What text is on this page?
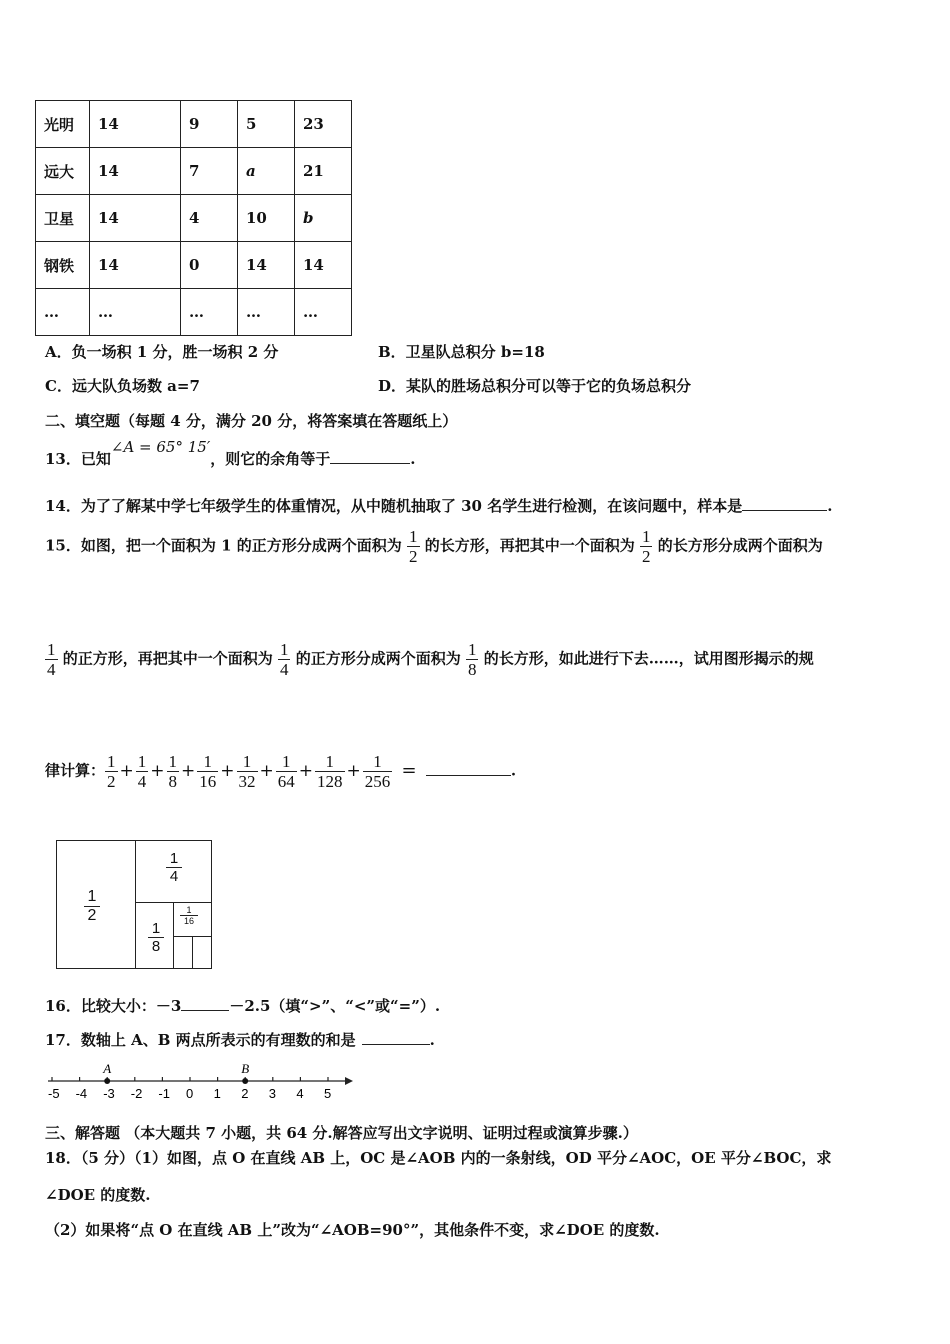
光明	14	9	5	23
远大	14	7	a	21
卫星	14	4	10	b
钢铁	14	0	14	14
…	…	…	…	…
A．负一场积 1 分，胜一场积 2 分	B．卫星队总积分 b=18
C．远大队负场数 a=7	D．某队的胜场总积分可以等于它的负场总积分
二、填空题（每题 4 分，满分 20 分，将答案填在答题纸上）
13．已知∠A = 65° 15′，则它的余角等于	.
14．为了了解某中学七年级学生的体重情况，从中随机抽取了 30 名学生进行检测，在该问题中，样本是	.
15．如图，把一个面积为 1 的正方形分成两个面积为 $\frac{1}{2}$ 的长方形，再把其中一个面积为 $\frac{1}{2}$ 的长方形分成两个面积为
$\frac{1}{4}$ 的正方形，再把其中一个面积为 $\frac{1}{4}$ 的正方形分成两个面积为 $\frac{1}{8}$ 的长方形，如此进行下去……，试用图形揭示的规
律计算： $\frac{1}{2} + \frac{1}{4} + \frac{1}{8} + \frac{1}{16} + \frac{1}{32} + \frac{1}{64} + \frac{1}{128} + \frac{1}{256}$ =	.
1
2
1
4
1
8
1
16
16．比较大小：－3	－2.5（填“>”、“<”或“=”）.
17．数轴上 A、B 两点所表示的有理数的和是	.
-5 -4 -3 -2 -1 0 1 2 3 4 5
A	B
三、解答题 （本大题共 7 小题，共 64 分.解答应写出文字说明、证明过程或演算步骤.）
18．（5 分）（1）如图，点 O 在直线 AB 上，OC 是∠AOB 内的一条射线，OD 平分∠AOC，OE 平分∠BOC，求
∠DOE 的度数.
（2）如果将“点 O 在直线 AB 上”改为“∠AOB=90°”，其他条件不变，求∠DOE 的度数.
